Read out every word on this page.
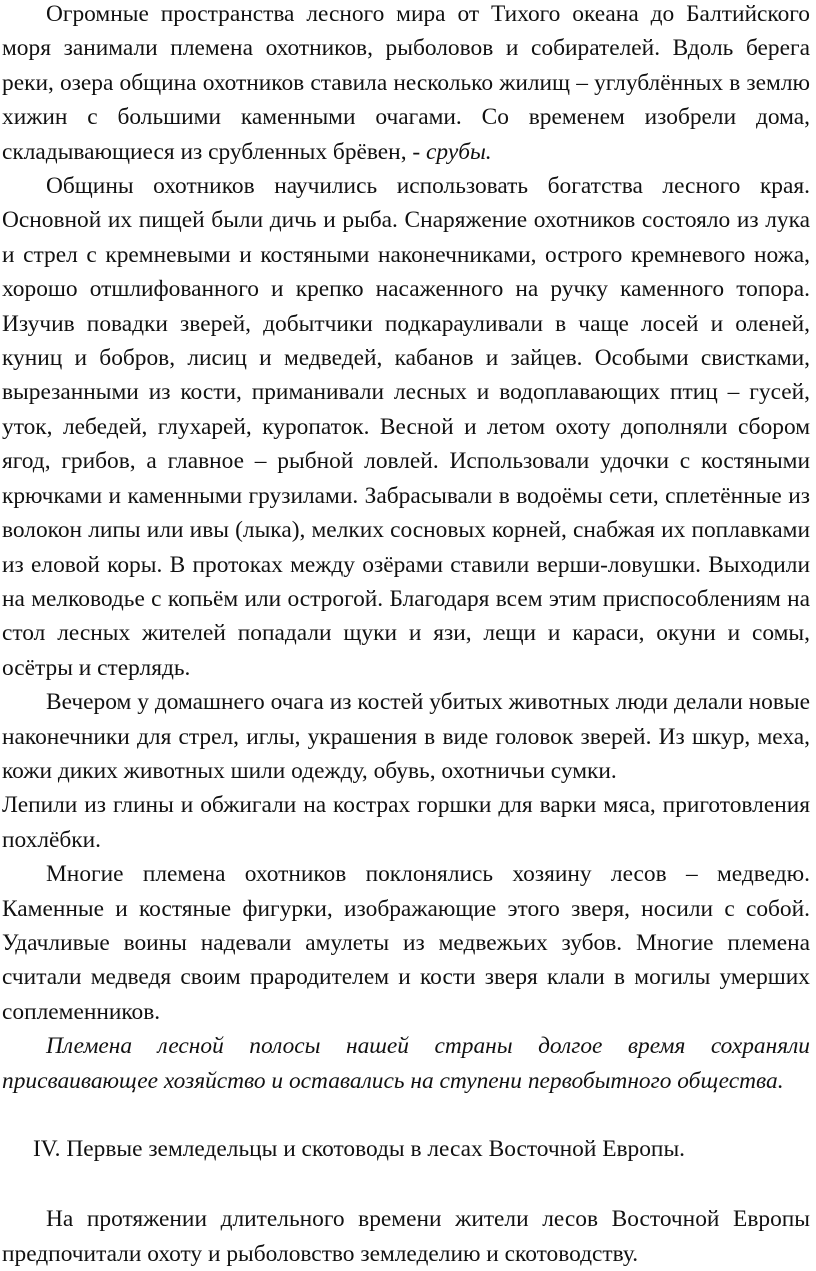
Огромные пространства лесного мира от Тихого океана до Балтийского моря занимали племена охотников, рыболовов и собирателей. Вдоль берега реки, озера община охотников ставила несколько жилищ – углублённых в землю хижин с большими каменными очагами. Со временем изобрели дома, складывающиеся из срубленных брёвен, - срубы.

Общины охотников научились использовать богатства лесного края. Основной их пищей были дичь и рыба. Снаряжение охотников состояло из лука и стрел с кремневыми и костяными наконечниками, острого кремневого ножа, хорошо отшлифованного и крепко насаженного на ручку каменного топора. Изучив повадки зверей, добытчики подкарауливали в чаще лосей и оленей, куниц и бобров, лисиц и медведей, кабанов и зайцев. Особыми свистками, вырезанными из кости, приманивали лесных и водоплавающих птиц – гусей, уток, лебедей, глухарей, куропаток. Весной и летом охоту дополняли сбором ягод, грибов, а главное – рыбной ловлей. Использовали удочки с костяными крючками и каменными грузилами. Забрасывали в водоёмы сети, сплетённые из волокон липы или ивы (лыка), мелких сосновых корней, снабжая их поплавками из еловой коры. В протоках между озёрами ставили верши-ловушки. Выходили на мелководье с копьём или острогой. Благодаря всем этим приспособлениям на стол лесных жителей попадали щуки и язи, лещи и караси, окуни и сомы, осётры и стерлядь.

Вечером у домашнего очага из костей убитых животных люди делали новые наконечники для стрел, иглы, украшения в виде головок зверей. Из шкур, меха, кожи диких животных шили одежду, обувь, охотничьи сумки.

Лепили из глины и обжигали на кострах горшки для варки мяса, приготовления похлёбки.

Многие племена охотников поклонялись хозяину лесов – медведю. Каменные и костяные фигурки, изображающие этого зверя, носили с собой. Удачливые воины надевали амулеты из медвежьих зубов. Многие племена считали медведя своим прародителем и кости зверя клали в могилы умерших соплеменников.

Племена лесной полосы нашей страны долгое время сохраняли присваивающее хозяйство и оставались на ступени первобытного общества.

IV. Первые земледельцы и скотоводы в лесах Восточной Европы.

На протяжении длительного времени жители лесов Восточной Европы предпочитали охоту и рыболовство земледелию и скотоводству.
